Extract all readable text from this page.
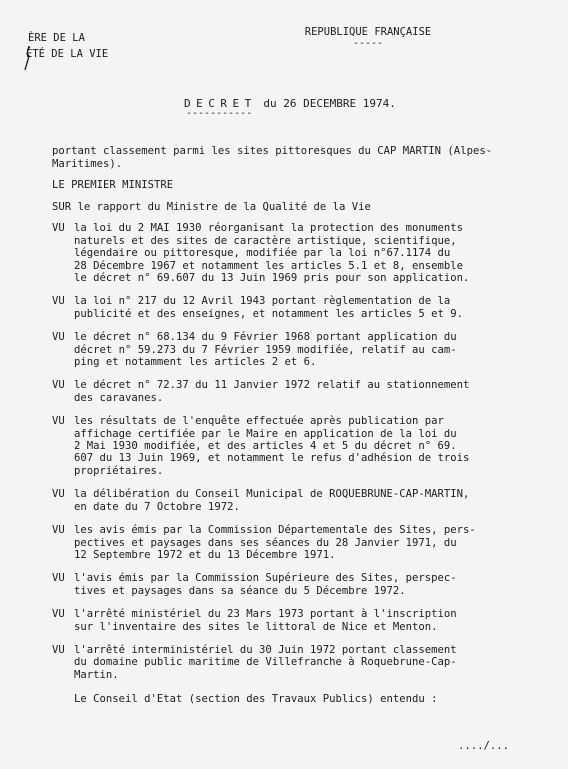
ÈRE DE LA
ÉTÉ DE LA VIE
REPUBLIQUE FRANÇAISE
-----
DECRET du 26 DECEMBRE 1974.
-----------

portant classement parmi les sites pittoresques du CAP MARTIN (Alpes-
Maritimes).

LE PREMIER MINISTRE

SUR le rapport du Ministre de la Qualité de la Vie

VU la loi du 2 MAI 1930 réorganisant la protection des monuments
naturels et des sites de caractère artistique, scientifique,
légendaire ou pittoresque, modifiée par la loi n°67.1174 du
28 Décembre 1967 et notamment les articles 5.1 et 8, ensemble
le décret n° 69.607 du 13 Juin 1969 pris pour son application.
VU la loi n° 217 du 12 Avril 1943 portant règlementation de la
publicité et des enseignes, et notamment les articles 5 et 9.
VU le décret n° 68.134 du 9 Février 1968 portant application du
décret n° 59.273 du 7 Février 1959 modifiée, relatif au cam-
ping et notamment les articles 2 et 6.
VU le décret n° 72.37 du 11 Janvier 1972 relatif au stationnement
des caravanes.
VU les résultats de l'enquête effectuée après publication par
affichage certifiée par le Maire en application de la loi du
2 Mai 1930 modifiée, et des articles 4 et 5 du décret n° 69.
607 du 13 Juin 1969, et notamment le refus d'adhésion de trois
propriétaires.
VU la délibération du Conseil Municipal de ROQUEBRUNE-CAP-MARTIN,
en date du 7 Octobre 1972.
VU les avis émis par la Commission Départementale des Sites, pers-
pectives et paysages dans ses séances du 28 Janvier 1971, du
12 Septembre 1972 et du 13 Décembre 1971.
VU l'avis émis par la Commission Supérieure des Sites, perspec-
tives et paysages dans sa séance du 5 Décembre 1972.
VU l'arrêté ministériel du 23 Mars 1973 portant à l'inscription
sur l'inventaire des sites le littoral de Nice et Menton.
VU l'arrêté interministériel du 30 Juin 1972 portant classement
du domaine public maritime de Villefranche à Roquebrune-Cap-
Martin.

Le Conseil d'Etat (section des Travaux Publics) entendu :

..../...
